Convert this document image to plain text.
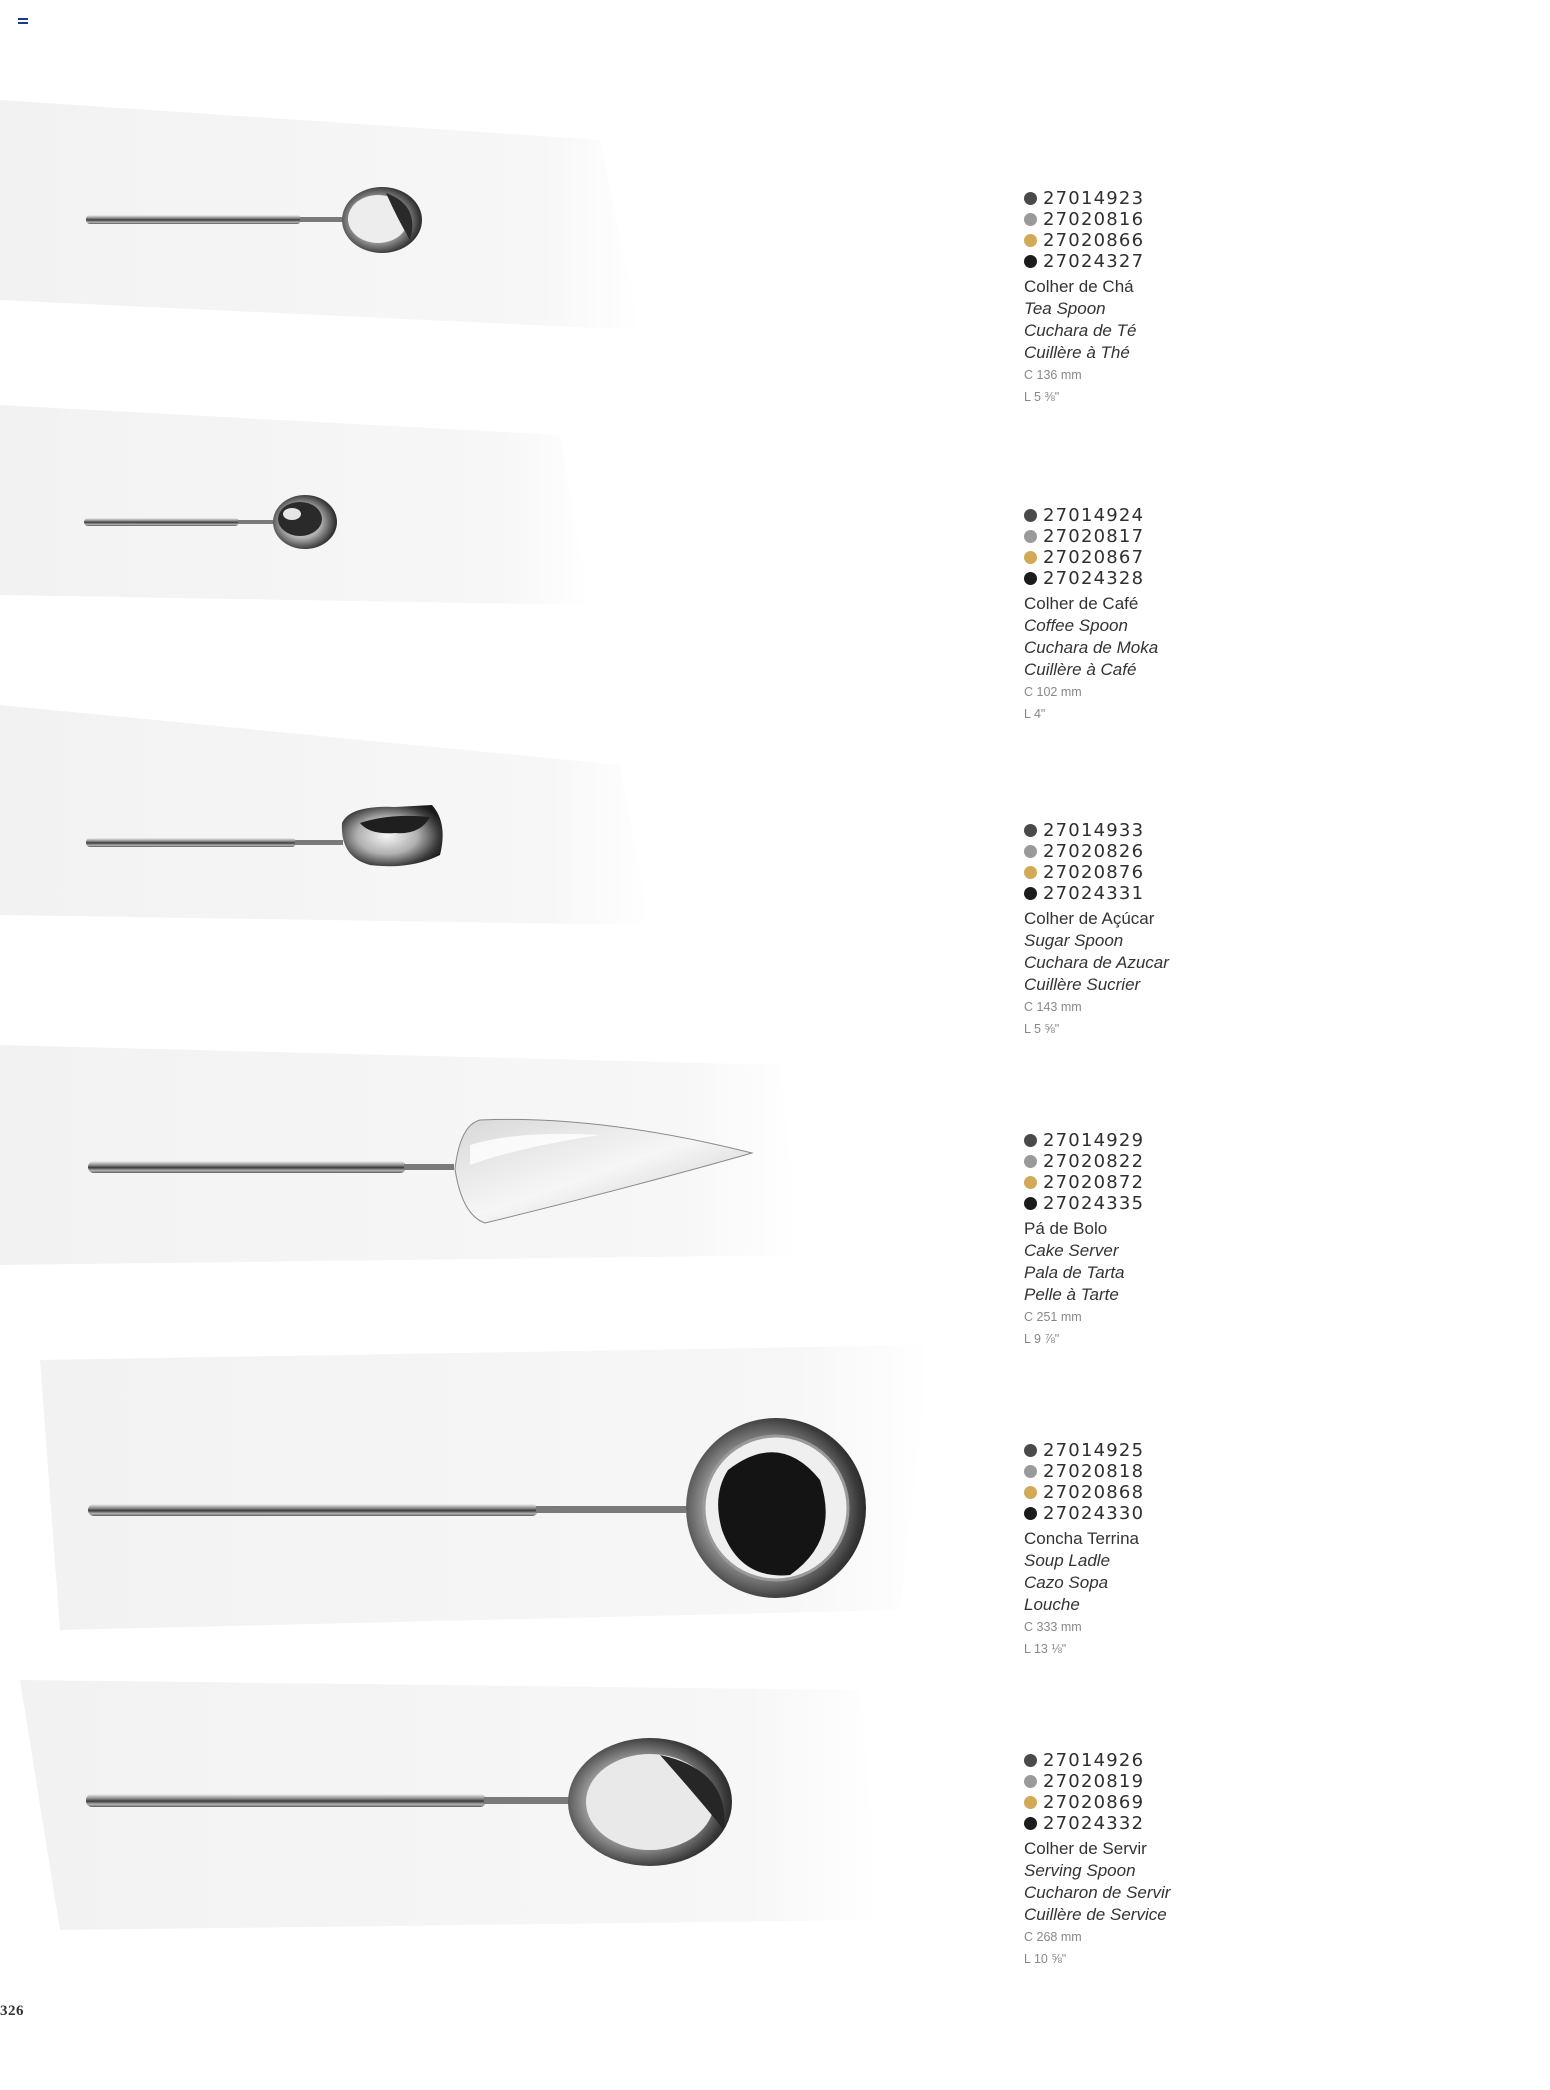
27014923
27020816
27020866
27024327
Colher de Chá
Tea Spoon
Cuchara de Té
Cuillère à Thé
C 136 mm
L 5 ⅜"
27014924
27020817
27020867
27024328
Colher de Café
Coffee Spoon
Cuchara de Moka
Cuillère à Café
C 102 mm
L 4"
27014933
27020826
27020876
27024331
Colher de Açúcar
Sugar Spoon
Cuchara de Azucar
Cuillère Sucrier
C 143 mm
L 5 ⅝"
27014929
27020822
27020872
27024335
Pá de Bolo
Cake Server
Pala de Tarta
Pelle à Tarte
C 251 mm
L 9 ⅞"
27014925
27020818
27020868
27024330
Concha Terrina
Soup Ladle
Cazo Sopa
Louche
C 333 mm
L 13 ⅛"
27014926
27020819
27020869
27024332
Colher de Servir
Serving Spoon
Cucharon de Servir
Cuillère de Service
C 268 mm
L 10 ⅝"
326
